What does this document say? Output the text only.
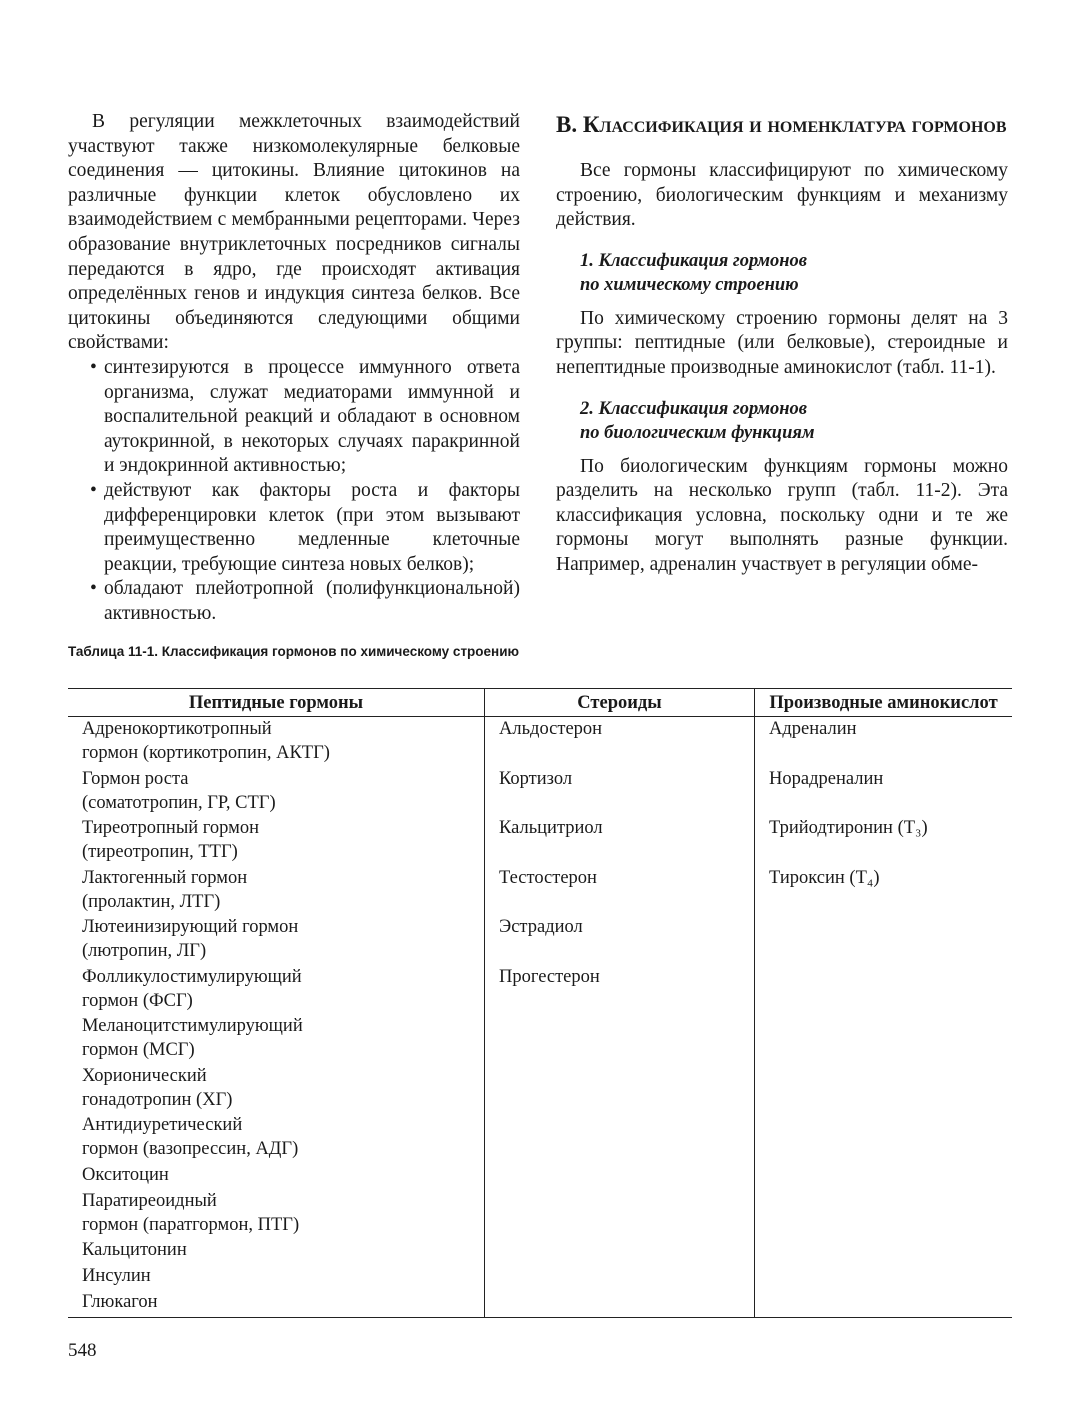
В регуляции межклеточных взаимодействий участвуют также низкомолекулярные белковые соединения — цитокины. Влияние цитокинов на различные функции клеток обусловлено их взаимодействием с мембранными рецепторами. Через образование внутриклеточных посредников сигналы передаются в ядро, где происходят активация определённых генов и индукция синтеза белков. Все цитокины объединяются следующими общими свойствами:

• синтезируются в процессе иммунного ответа организма, служат медиаторами иммунной и воспалительной реакций и обладают в основном аутокринной, в некоторых случаях паракринной и эндокринной активностью;
• действуют как факторы роста и факторы дифференцировки клеток (при этом вызывают преимущественно медленные клеточные реакции, требующие синтеза новых белков);
• обладают плейотропной (полифункциональной) активностью.
В. Классификация и номенклатура гормонов

Все гормоны классифицируют по химическому строению, биологическим функциям и механизму действия.

1. Классификация гормонов
по химическому строению

По химическому строению гормоны делят на 3 группы: пептидные (или белковые), стероидные и непептидные производные аминокислот (табл. 11-1).

2. Классификация гормонов
по биологическим функциям

По биологическим функциям гормоны можно разделить на несколько групп (табл. 11-2). Эта классификация условна, поскольку одни и те же гормоны могут выполнять разные функции. Например, адреналин участвует в регуляции обме-

Таблица 11-1. Классификация гормонов по химическому строению
Пептидные гормоны	Стероиды	Производные аминокислот

Адренокортикотропный
гормон (кортикотропин, АКТГ)	Альдостерон	Адреналин

Гормон роста
(соматотропин, ГР, СТГ)	Кортизол	Норадреналин

Тиреотропный гормон
(тиреотропин, ТТГ)	Кальцитриол	Трийодтиронин (T₃)

Лактогенный гормон
(пролактин, ЛТГ)	Тестостерон	Тироксин (T₄)

Лютеинизирующий гормон
(лютропин, ЛГ)	Эстрадиол	

Фолликулостимулирующий
гормон (ФСГ)	Прогестерон	

Меланоцитстимулирующий
гормон (МСГ)		

Хорионический
гонадотропин (ХГ)		

Антидиуретический
гормон (вазопрессин, АДГ)		

Окситоцин		

Паратиреоидный
гормон (паратгормон, ПТГ)		

Кальцитонин		

Инсулин		

Глюкагон		

548
